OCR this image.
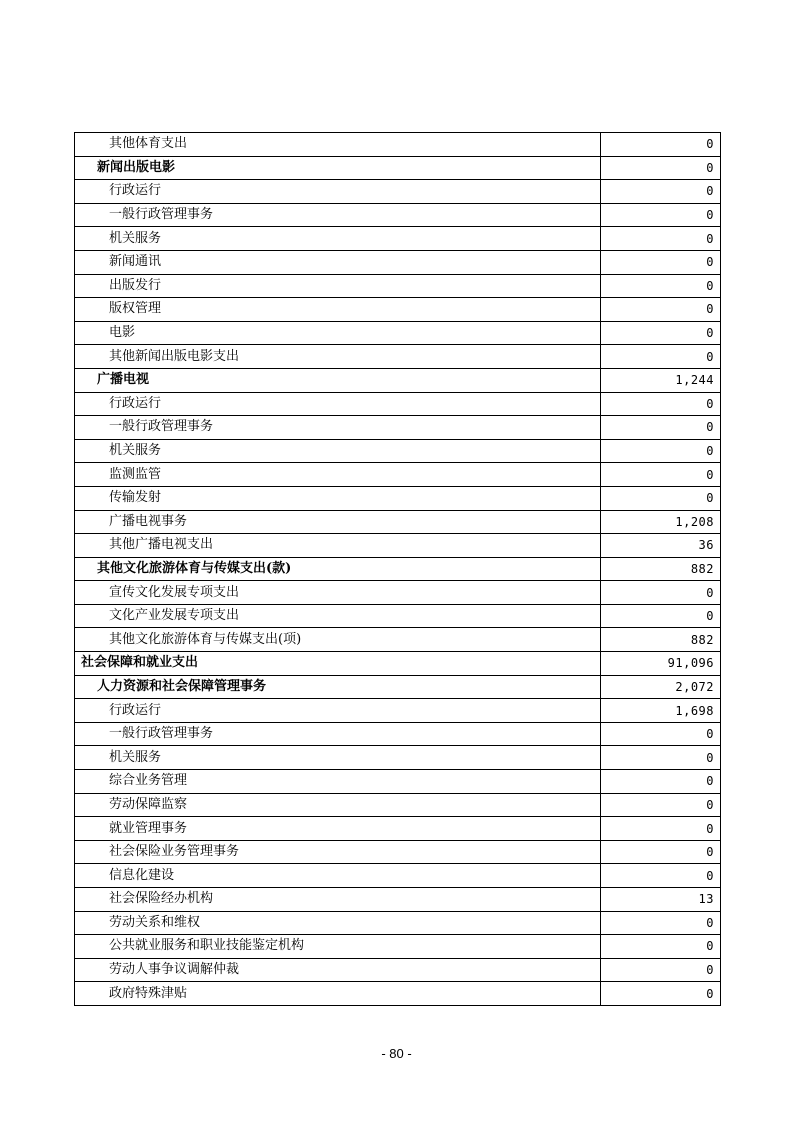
其他体育支出	0
新闻出版电影	0
行政运行	0
一般行政管理事务	0
机关服务	0
新闻通讯	0
出版发行	0
版权管理	0
电影	0
其他新闻出版电影支出	0
广播电视	1,244
行政运行	0
一般行政管理事务	0
机关服务	0
监测监管	0
传输发射	0
广播电视事务	1,208
其他广播电视支出	36
其他文化旅游体育与传媒支出(款)	882
宣传文化发展专项支出	0
文化产业发展专项支出	0
其他文化旅游体育与传媒支出(项)	882
社会保障和就业支出	91,096
人力资源和社会保障管理事务	2,072
行政运行	1,698
一般行政管理事务	0
机关服务	0
综合业务管理	0
劳动保障监察	0
就业管理事务	0
社会保险业务管理事务	0
信息化建设	0
社会保险经办机构	13
劳动关系和维权	0
公共就业服务和职业技能鉴定机构	0
劳动人事争议调解仲裁	0
政府特殊津贴	0
- 80 -
